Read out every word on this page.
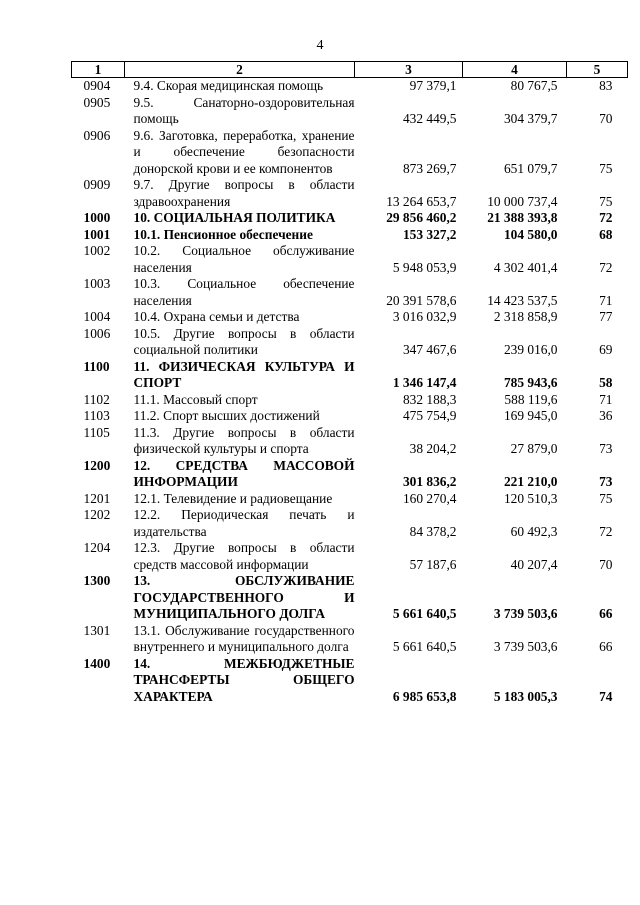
4
1	2	3	4	5
0904	9.4. Скорая медицинская помощь	97 379,1	80 767,5	83
0905	9.5. Санаторно-оздоровительная помощь	432 449,5	304 379,7	70
0906	9.6. Заготовка, переработка, хранение и обеспечение безопасности донорской крови и ее компонентов	873 269,7	651 079,7	75
0909	9.7. Другие вопросы в области здравоохранения	13 264 653,7	10 000 737,4	75
1000	10. СОЦИАЛЬНАЯ ПОЛИТИКА	29 856 460,2	21 388 393,8	72
1001	10.1. Пенсионное обеспечение	153 327,2	104 580,0	68
1002	10.2. Социальное обслуживание населения	5 948 053,9	4 302 401,4	72
1003	10.3. Социальное обеспечение населения	20 391 578,6	14 423 537,5	71
1004	10.4. Охрана семьи и детства	3 016 032,9	2 318 858,9	77
1006	10.5. Другие вопросы в области социальной политики	347 467,6	239 016,0	69
1100	11. ФИЗИЧЕСКАЯ КУЛЬТУРА И СПОРТ	1 346 147,4	785 943,6	58
1102	11.1. Массовый спорт	832 188,3	588 119,6	71
1103	11.2. Спорт высших достижений	475 754,9	169 945,0	36
1105	11.3. Другие вопросы в области физической культуры и спорта	38 204,2	27 879,0	73
1200	12. СРЕДСТВА МАССОВОЙ ИНФОРМАЦИИ	301 836,2	221 210,0	73
1201	12.1. Телевидение и радиовещание	160 270,4	120 510,3	75
1202	12.2. Периодическая печать и издательства	84 378,2	60 492,3	72
1204	12.3. Другие вопросы в области средств массовой информации	57 187,6	40 207,4	70
1300	13. ОБСЛУЖИВАНИЕ ГОСУДАРСТВЕННОГО И МУНИЦИПАЛЬНОГО ДОЛГА	5 661 640,5	3 739 503,6	66
1301	13.1. Обслуживание государственного внутреннего и муниципального долга	5 661 640,5	3 739 503,6	66
1400	14. МЕЖБЮДЖЕТНЫЕ ТРАНСФЕРТЫ ОБЩЕГО ХАРАКТЕРА	6 985 653,8	5 183 005,3	74
